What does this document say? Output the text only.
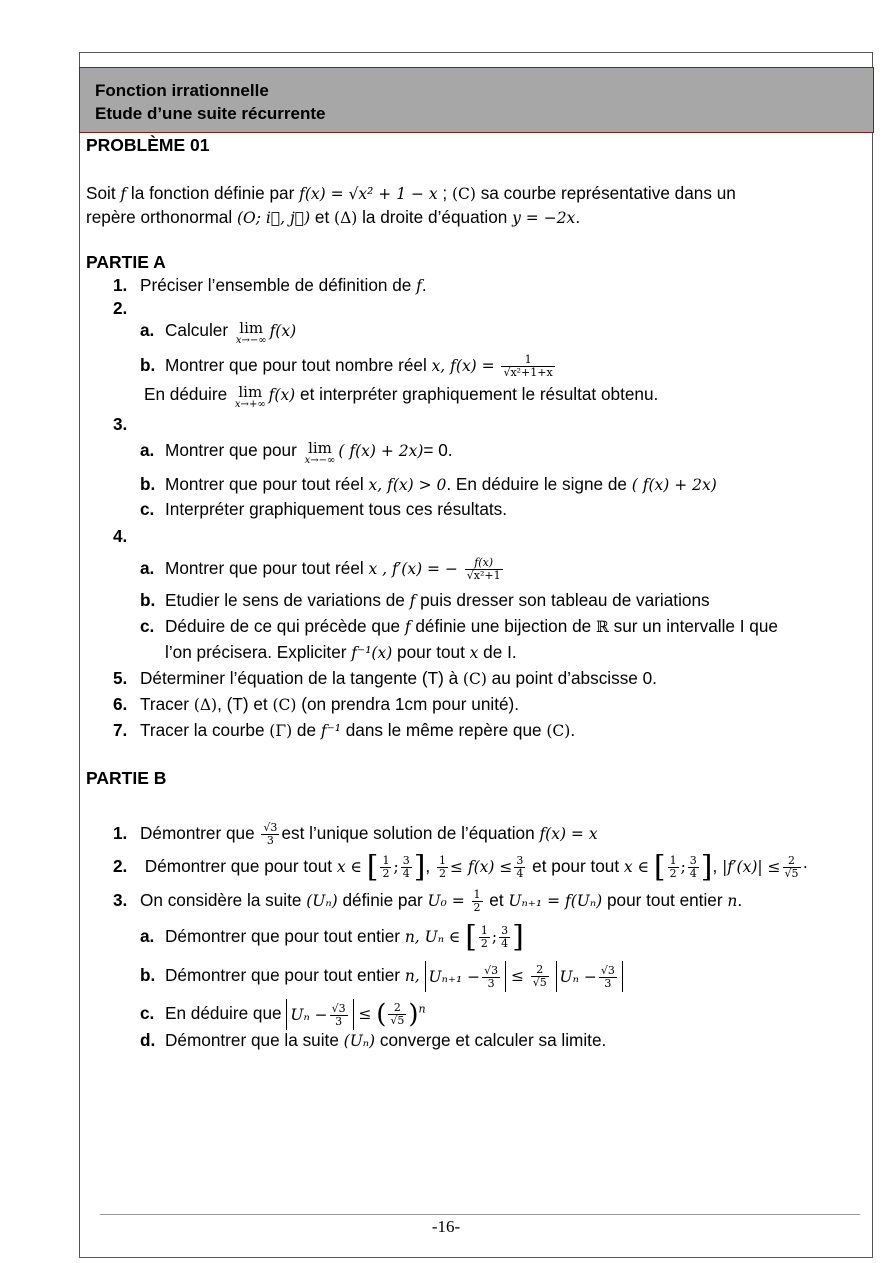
Fonction irrationnelle
Etude d’une suite récurrente
PROBLÈME 01
Soit f la fonction définie par f(x) = √x² + 1 − x ; (C) sa courbe représentative dans un
repère orthonormal (O; i⃗, j⃗) et (Δ) la droite d’équation y = −2x.
PARTIE A
1. Préciser l’ensemble de définition de f.
2.
a. Calculer lim
x→−∞
f(x)
b. Montrer que pour tout nombre réel x, $f(x) = \frac{1}{\text{√x²+1+x}}$
En déduire lim
x→+∞
f(x) et interpréter graphiquement le résultat obtenu.
3.
a. Montrer que pour lim
x→−∞
( f(x) + 2x)= 0.
b. Montrer que pour tout réel x, f(x) > 0. En déduire le signe de ( f(x) + 2x)
c. Interpréter graphiquement tous ces résultats.
4.
a. Montrer que pour tout réel x , f′(x) = − $\frac{f(x)}{\text{√x²+1}}$
b. Etudier le sens de variations de f puis dresser son tableau de variations
c. Déduire de ce qui précède que f définie une bijection de ℝ sur un intervalle I que
l’on précisera. Expliciter f⁻¹(x) pour tout x de I.
5. Déterminer l’équation de la tangente (T) à (C) au point d’abscisse 0.
6. Tracer (Δ), (T) et (C) (on prendra 1cm pour unité).
7. Tracer la courbe (Γ) de f⁻¹ dans le même repère que (C).
PARTIE B
1. Démontrer que $\frac{√3}{3}$ est l’unique solution de l’équation f(x) = x
2. Démontrer que pour tout x ∈ [ $\frac{1}{2}$ ; $\frac{3}{4}$ ], $\frac{1}{2} \le f(x) \le \frac{3}{4}$ et pour tout x ∈ [ $\frac{1}{2}$ ; $\frac{3}{4}$ ], $|f'(x)| \le \frac{2}{√5}$ ·
3. On considère la suite (Uₙ) définie par $U_0 = \frac{1}{2}$ et Uₙ₊₁ = f(Uₙ) pour tout entier n.
a. Démontrer que pour tout entier n, Uₙ ∈ [ $\frac{1}{2}$ ; $\frac{3}{4}$ ]
b. Démontrer que pour tout entier n, $U_{n+1} - \frac{√3}{3} \le \frac{2}{√5}$ $U_n - \frac{√3}{3}$
c. En déduire que $U_n - \frac{√3}{3}$ ≤ ( $\frac{2}{√5} )^n$
d. Démontrer que la suite (Uₙ) converge et calculer sa limite.
-16-
